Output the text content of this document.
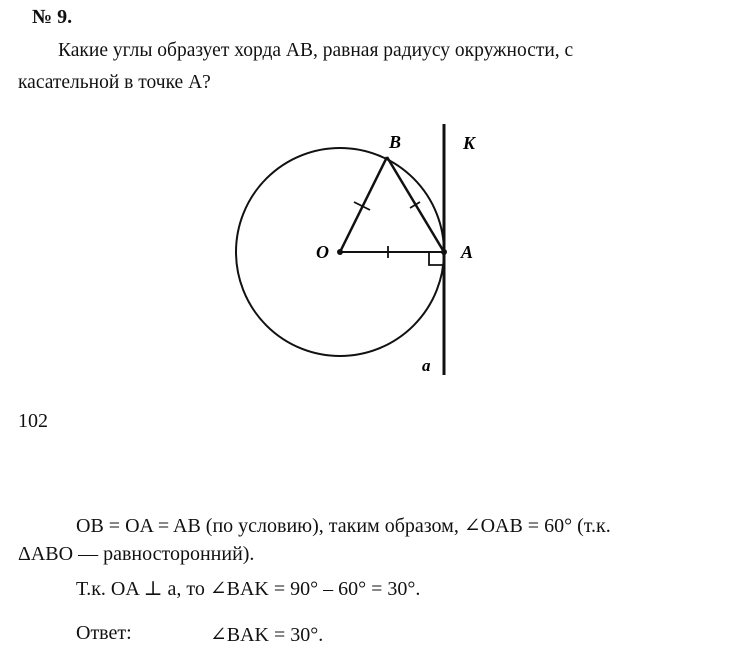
№ 9.
Какие углы образует хорда AB, равная радиусу окружности, с
касательной в точке A?
B	K
O	A
a
102
OB = OA = AB (по условию), таким образом, ∠OAB = 60° (т.к.
ΔABO — равносторонний).
Т.к. OA ⊥ a, то ∠BAK = 90° – 60° = 30°.
Ответ:	∠BAK = 30°.
